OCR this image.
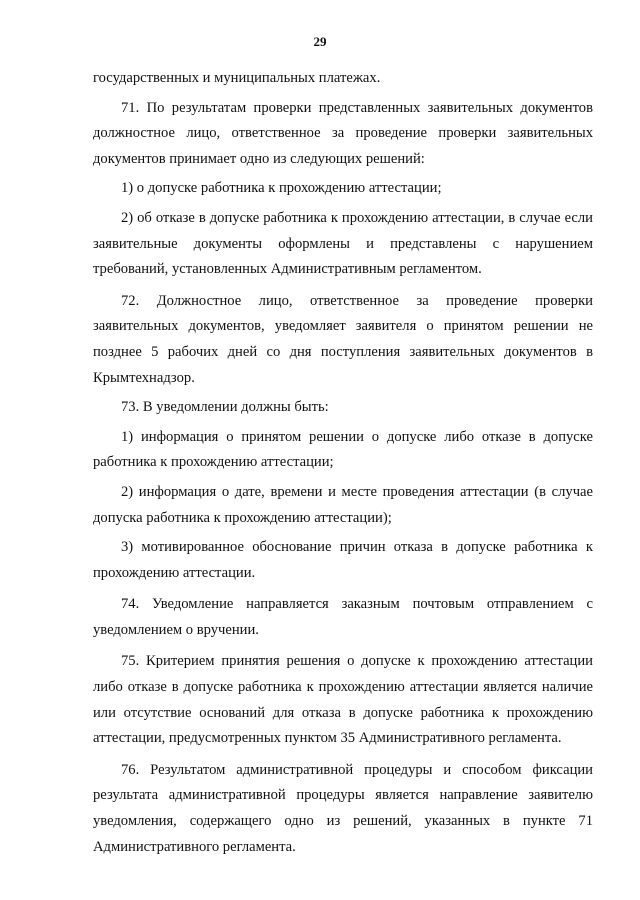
29

государственных и муниципальных платежах.

71. По результатам проверки представленных заявительных документов должностное лицо, ответственное за проведение проверки заявительных документов принимает одно из следующих решений:

1) о допуске работника к прохождению аттестации;

2) об отказе в допуске работника к прохождению аттестации, в случае если заявительные документы оформлены и представлены с нарушением требований, установленных Административным регламентом.

72. Должностное лицо, ответственное за проведение проверки заявительных документов, уведомляет заявителя о принятом решении не позднее 5 рабочих дней со дня поступления заявительных документов в Крымтехнадзор.

73. В уведомлении должны быть:

1) информация о принятом решении о допуске либо отказе в допуске работника к прохождению аттестации;

2) информация о дате, времени и месте проведения аттестации (в случае допуска работника к прохождению аттестации);

3) мотивированное обоснование причин отказа в допуске работника к прохождению аттестации.

74. Уведомление направляется заказным почтовым отправлением с уведомлением о вручении.

75. Критерием принятия решения о допуске к прохождению аттестации либо отказе в допуске работника к прохождению аттестации является наличие или отсутствие оснований для отказа в допуске работника к прохождению аттестации, предусмотренных пунктом 35 Административного регламента.

76. Результатом административной процедуры и способом фиксации результата административной процедуры является направление заявителю уведомления, содержащего одно из решений, указанных в пункте 71 Административного регламента.
